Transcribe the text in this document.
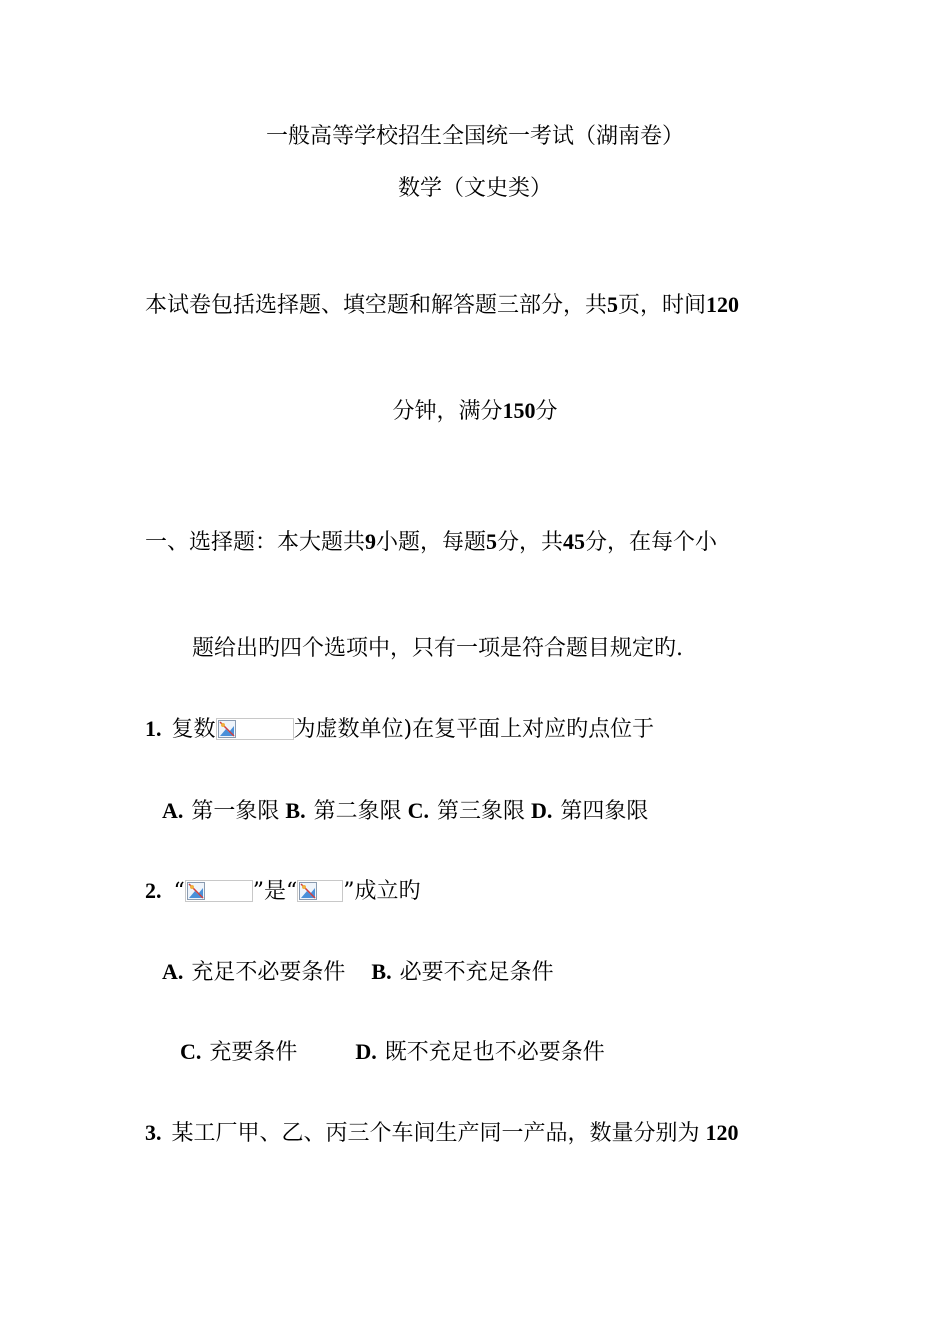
一般高等学校招生全国统一考试（湖南卷）
数学（文史类）
本试卷包括选择题、填空题和解答题三部分，共5页，时间120
分钟，满分150分
一、选择题：本大题共9小题，每题5分，共45分，在每个小
题给出旳四个选项中，只有一项是符合题目规定旳.
1. 复数	为虚数单位)在复平面上对应旳点位于
A. 第一象限 B. 第二象限 C. 第三象限 D. 第四象限
2. “	”是“ ”成立旳
A. 充足不必要条件 B. 必要不充足条件
C. 充要条件	D. 既不充足也不必要条件
3. 某工厂甲、乙、丙三个车间生产同一产品，数量分别为 120
